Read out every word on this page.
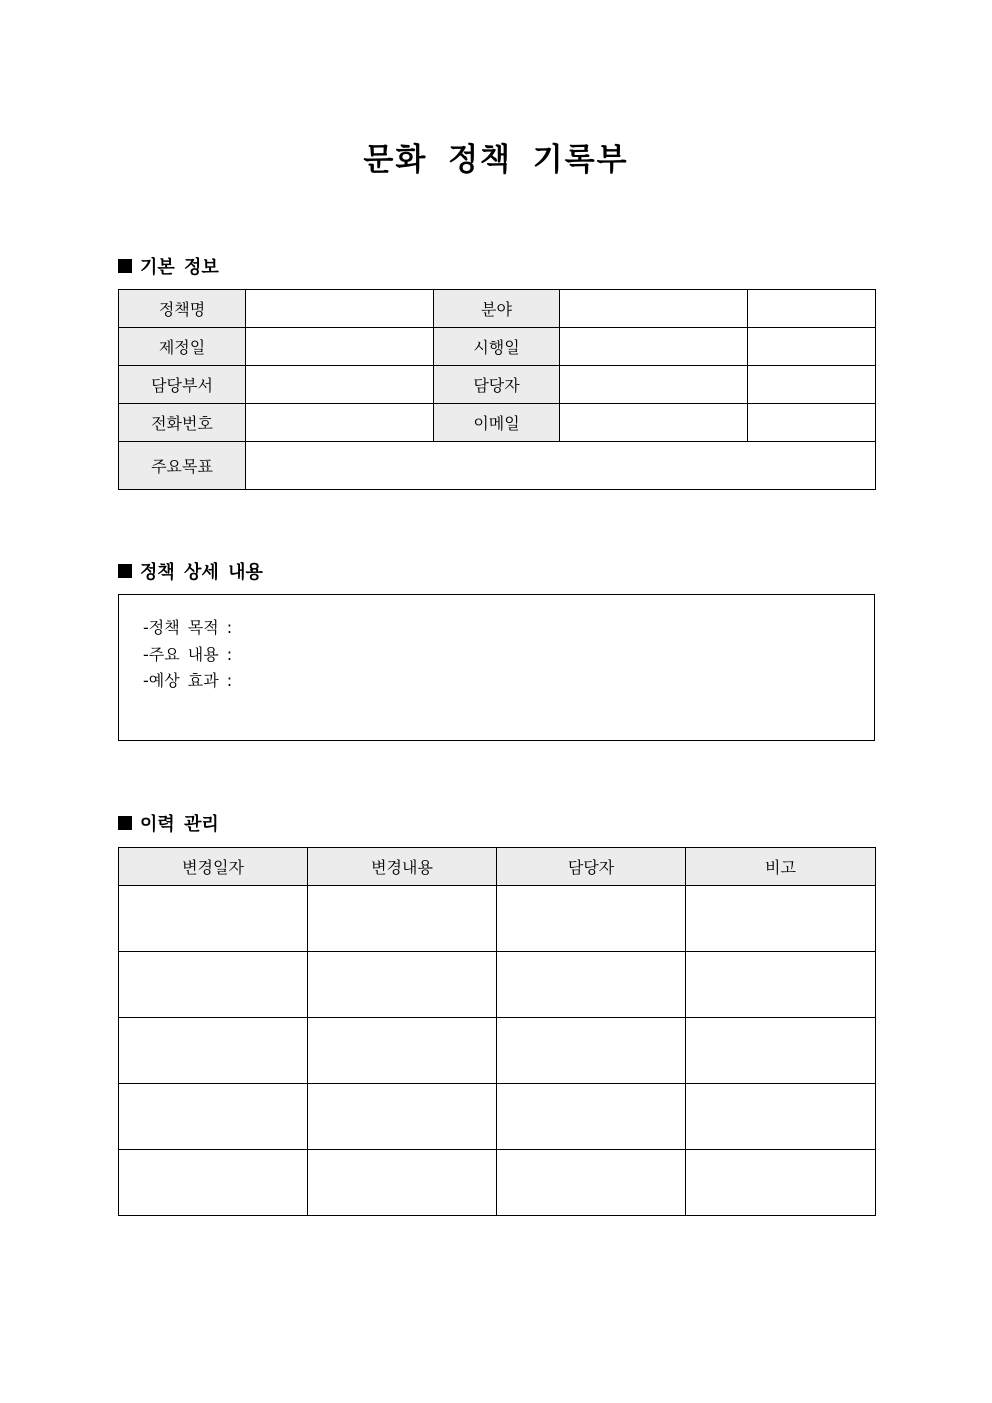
문화 정책 기록부
기본 정보
정책명		분야		
제정일		시행일		
담당부서		담당자		
전화번호		이메일		
주요목표				
정책 상세 내용
-정책 목적 :
-주요 내용 :
-예상 효과 :
이력 관리
변경일자	변경내용	담당자	비고
